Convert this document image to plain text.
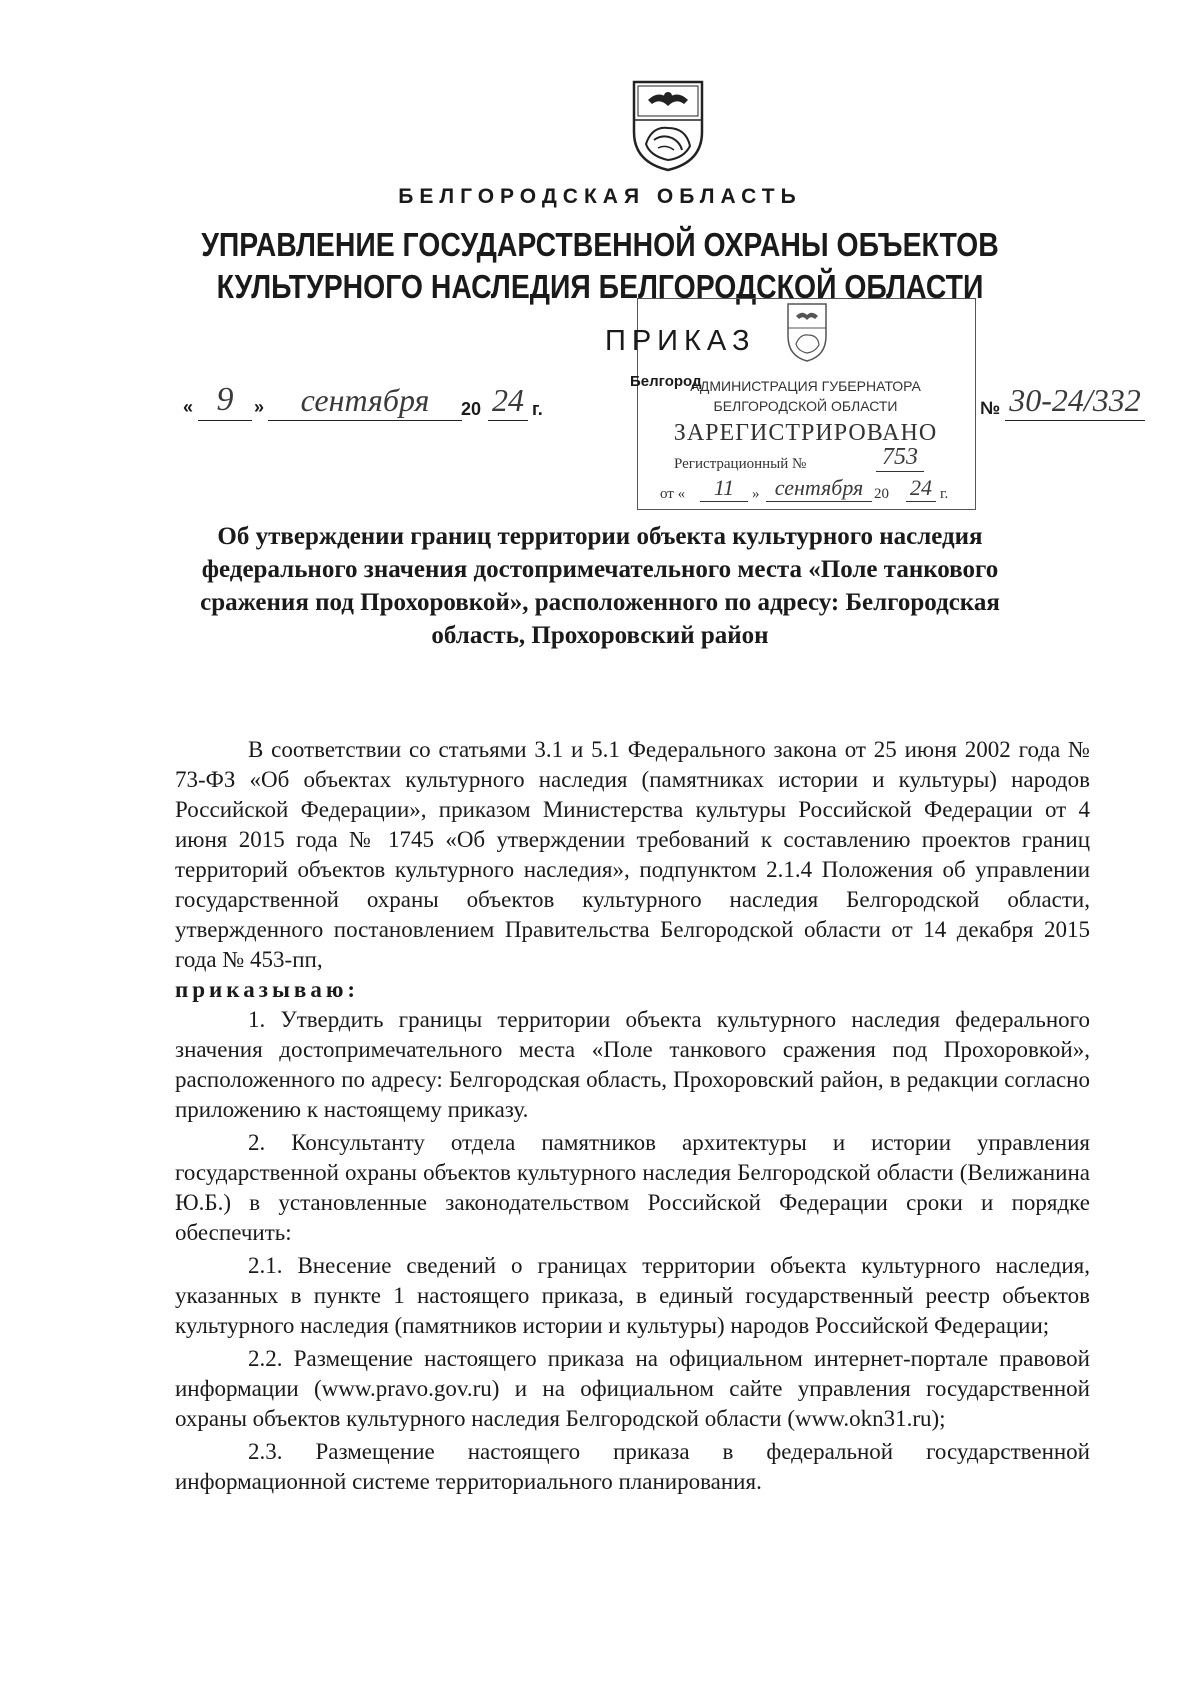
БЕЛГОРОДСКАЯ ОБЛАСТЬ
УПРАВЛЕНИЕ ГОСУДАРСТВЕННОЙ ОХРАНЫ ОБЪЕКТОВ
КУЛЬТУРНОГО НАСЛЕДИЯ БЕЛГОРОДСКОЙ ОБЛАСТИ
ПРИКАЗ
АДМИНИСТРАЦИЯ ГУБЕРНАТОРА
БЕЛГОРОДСКОЙ ОБЛАСТИ
ЗАРЕГИСТРИРОВАНО
Регистрационный №	753
от «	11	» сентября 20 24 г.
« 9	»	сентября	20 24 г.
Белгород
№ 30-24/332
Об утверждении границ территории объекта культурного наследия федерального значения достопримечательного места «Поле танкового сражения под Прохоровкой», расположенного по адресу: Белгородская область, Прохоровский район

В соответствии со статьями 3.1 и 5.1 Федерального закона от 25 июня 2002 года № 73-ФЗ «Об объектах культурного наследия (памятниках истории и культуры) народов Российской Федерации», приказом Министерства культуры Российской Федерации от 4 июня 2015 года № 1745 «Об утверждении требований к составлению проектов границ территорий объектов культурного наследия», подпунктом 2.1.4 Положения об управлении государственной охраны объектов культурного наследия Белгородской области, утвержденного постановлением Правительства Белгородской области от 14 декабря 2015 года № 453-пп,

приказываю:

1. Утвердить границы территории объекта культурного наследия федерального значения достопримечательного места «Поле танкового сражения под Прохоровкой», расположенного по адресу: Белгородская область, Прохоровский район, в редакции согласно приложению к настоящему приказу.

2. Консультанту отдела памятников архитектуры и истории управления государственной охраны объектов культурного наследия Белгородской области (Велижанина Ю.Б.) в установленные законодательством Российской Федерации сроки и порядке обеспечить:

2.1. Внесение сведений о границах территории объекта культурного наследия, указанных в пункте 1 настоящего приказа, в единый государственный реестр объектов культурного наследия (памятников истории и культуры) народов Российской Федерации;

2.2. Размещение настоящего приказа на официальном интернет-портале правовой информации (www.pravo.gov.ru) и на официальном сайте управления государственной охраны объектов культурного наследия Белгородской области (www.okn31.ru);

2.3. Размещение настоящего приказа в федеральной государственной информационной системе территориального планирования.
